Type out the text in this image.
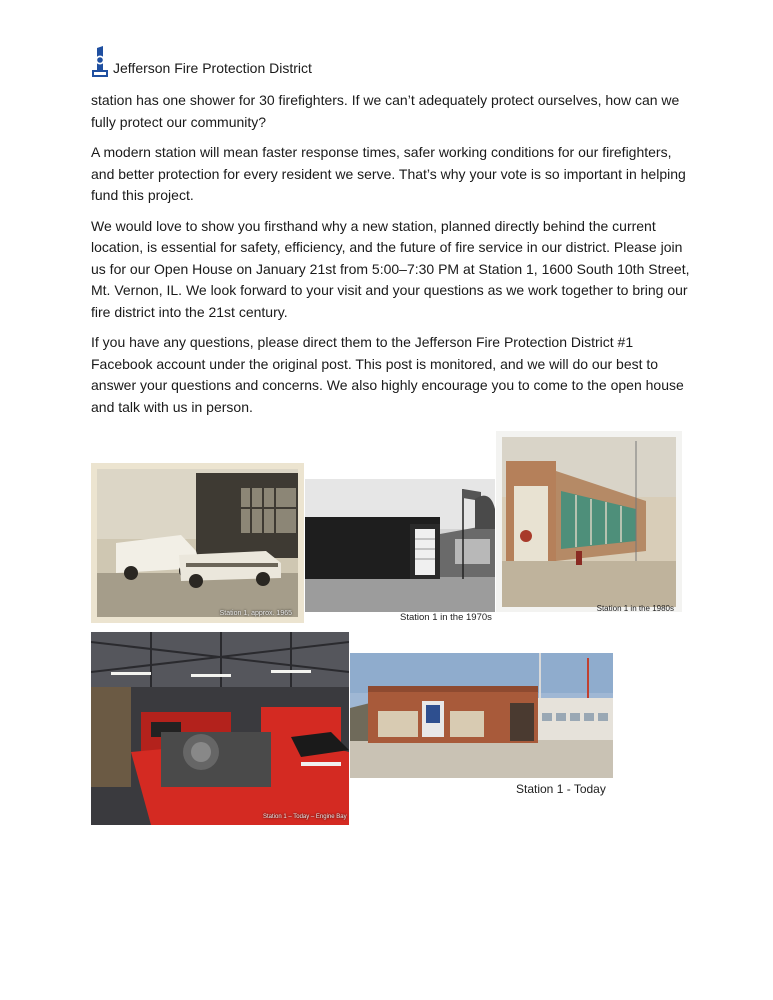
Jefferson Fire Protection District

station has one shower for 30 firefighters. If we can’t adequately protect ourselves, how can we fully protect our community?

A modern station will mean faster response times, safer working conditions for our firefighters, and better protection for every resident we serve. That’s why your vote is so important in helping fund this project.

We would love to show you firsthand why a new station, planned directly behind the current location, is essential for safety, efficiency, and the future of fire service in our district. Please join us for our Open House on January 21st from 5:00–7:30 PM at Station 1, 1600 South 10th Street, Mt. Vernon, IL. We look forward to your visit and your questions as we work together to bring our fire district into the 21st century.

If you have any questions, please direct them to the Jefferson Fire Protection District #1 Facebook account under the original post. This post is monitored, and we will do our best to answer your questions and concerns. We also highly encourage you to come to the open house and talk with us in person.

Station 1, approx. 1965	Station 1 in the 1970s
Station 1 in the 1980s
Station 1 – Today – Engine Bay
Station 1 - Today
